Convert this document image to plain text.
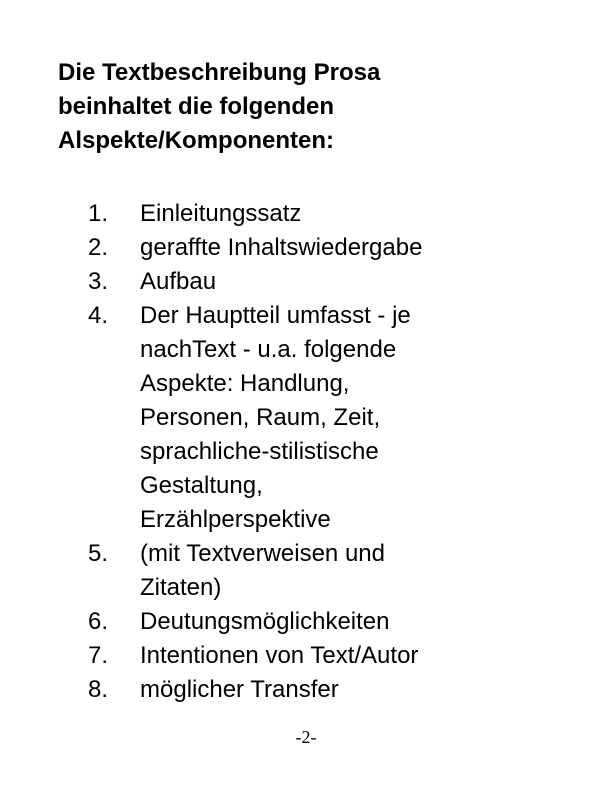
Die Textbeschreibung Prosa
beinhaltet die folgenden
Alspekte/Komponenten:
1. Einleitungssatz
2. geraffte Inhaltswiedergabe
3. Aufbau
4. Der Hauptteil umfasst - je
nachText - u.a. folgende
Aspekte: Handlung,
Personen, Raum, Zeit,
sprachliche-stilistische
Gestaltung,
Erzählperspektive
5. (mit Textverweisen und
Zitaten)
6. Deutungsmöglichkeiten
7. Intentionen von Text/Autor
8. möglicher Transfer
-2-
